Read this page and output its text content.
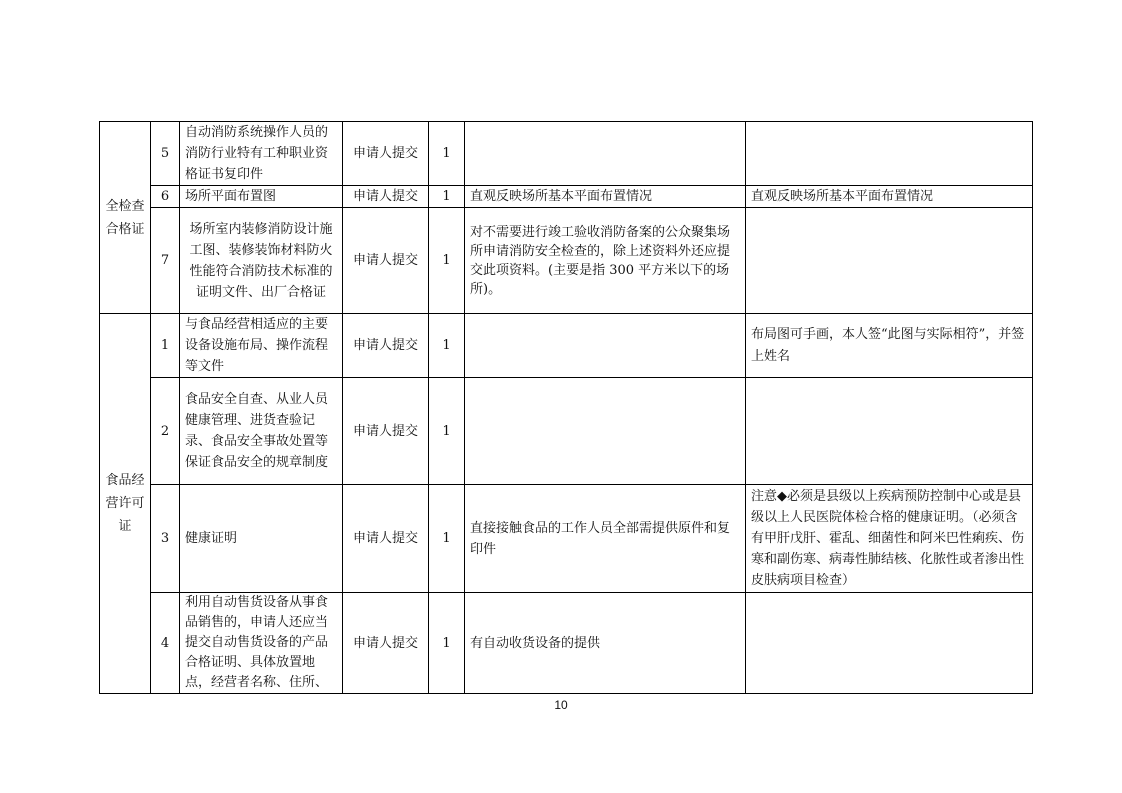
全检查合格证	5	自动消防系统操作人员的消防行业特有工种职业资格证书复印件	申请人提交	1		
	6	场所平面布置图	申请人提交	1	直观反映场所基本平面布置情况	直观反映场所基本平面布置情况
	7	场所室内装修消防设计施工图、装修装饰材料防火性能符合消防技术标准的证明文件、出厂合格证	申请人提交	1	对不需要进行竣工验收消防备案的公众聚集场所申请消防安全检查的，除上述资料外还应提交此项资料。(主要是指 300 平方米以下的场所)。	
食品经营许可证	1	与食品经营相适应的主要设备设施布局、操作流程等文件	申请人提交	1		布局图可手画，本人签“此图与实际相符”，并签上姓名
	2	食品安全自查、从业人员健康管理、进货查验记录、食品安全事故处置等保证食品安全的规章制度	申请人提交	1		
	3	健康证明	申请人提交	1	直接接触食品的工作人员全部需提供原件和复印件	注意◆必须是县级以上疾病预防控制中心或是县级以上人民医院体检合格的健康证明。（必须含有甲肝戊肝、霍乱、细菌性和阿米巴性痢疾、伤寒和副伤寒、病毒性肺结核、化脓性或者渗出性皮肤病项目检查）
	4	利用自动售货设备从事食品销售的，申请人还应当提交自动售货设备的产品合格证明、具体放置地点，经营者名称、住所、	申请人提交	1	有自动收货设备的提供	
10
